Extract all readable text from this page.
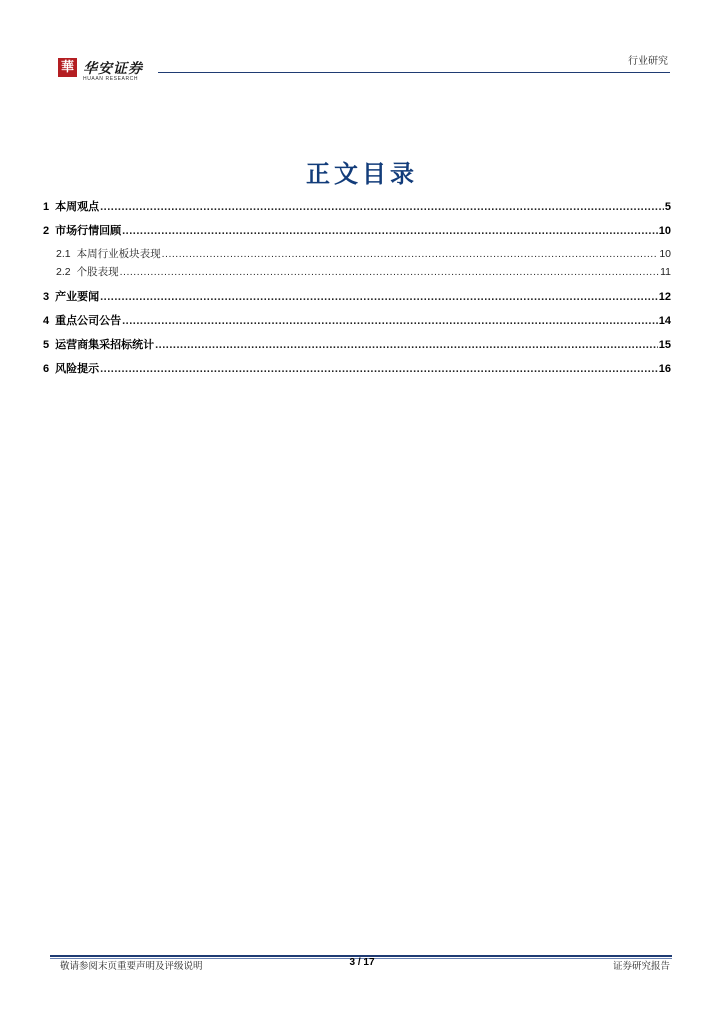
華 华安证券
HUAAN RESEARCH
行业研究
正文目录
1 本周观点 .....	5
2 市场行情回顾 .....	10
2.1 本周行业板块表现 .....	10
2.2 个股表现 .....	11
3 产业要闻 .....	12
4 重点公司公告 .....	14
5 运营商集采招标统计 .....	15
6 风险提示 .....	16
敬请参阅末页重要声明及评级说明	3 / 17	证券研究报告
